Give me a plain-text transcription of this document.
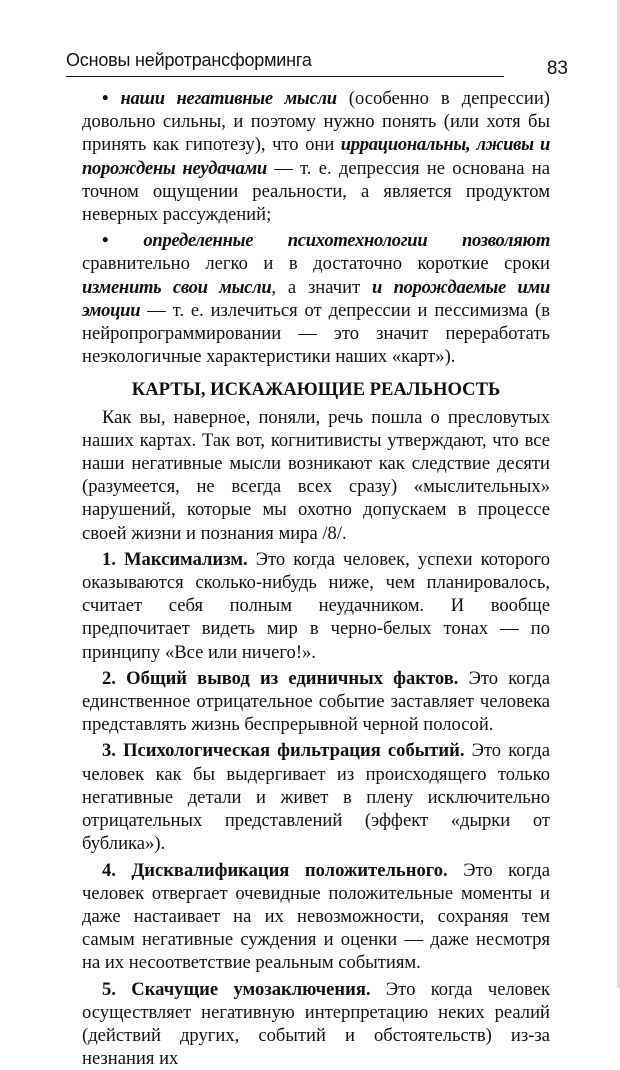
Основы нейротрансформинга	83

• наши негативные мысли (особенно в депрессии) довольно сильны, и поэтому нужно понять (или хотя бы принять как гипотезу), что они иррациональны, лживы и порождены неудачами — т. е. депрессия не основана на точном ощущении реальности, а является продуктом неверных рассуждений;

• определенные психотехнологии позволяют сравнительно легко и в достаточно короткие сроки изменить свои мысли, а значит и порождаемые ими эмоции — т. е. излечиться от депрессии и пессимизма (в нейропрограммировании — это значит переработать неэкологичные характеристики наших «карт»).

КАРТЫ, ИСКАЖАЮЩИЕ РЕАЛЬНОСТЬ

Как вы, наверное, поняли, речь пошла о пресловутых наших картах. Так вот, когнитивисты утверждают, что все наши негативные мысли возникают как следствие десяти (разумеется, не всегда всех сразу) «мыслительных» нарушений, которые мы охотно допускаем в процессе своей жизни и познания мира /8/.

1. Максимализм. Это когда человек, успехи которого оказываются сколько-нибудь ниже, чем планировалось, считает себя полным неудачником. И вообще предпочитает видеть мир в черно-белых тонах — по принципу «Все или ничего!».

2. Общий вывод из единичных фактов. Это когда единственное отрицательное событие заставляет человека представлять жизнь беспрерывной черной полосой.

3. Психологическая фильтрация событий. Это когда человек как бы выдергивает из происходящего только негативные детали и живет в плену исключительно отрицательных представлений (эффект «дырки от бублика»).

4. Дисквалификация положительного. Это когда человек отвергает очевидные положительные моменты и даже настаивает на их невозможности, сохраняя тем самым негативные суждения и оценки — даже несмотря на их несоответствие реальным событиям.

5. Скачущие умозаключения. Это когда человек осуществляет негативную интерпретацию неких реалий (действий других, событий и обстоятельств) из-за незнания их
